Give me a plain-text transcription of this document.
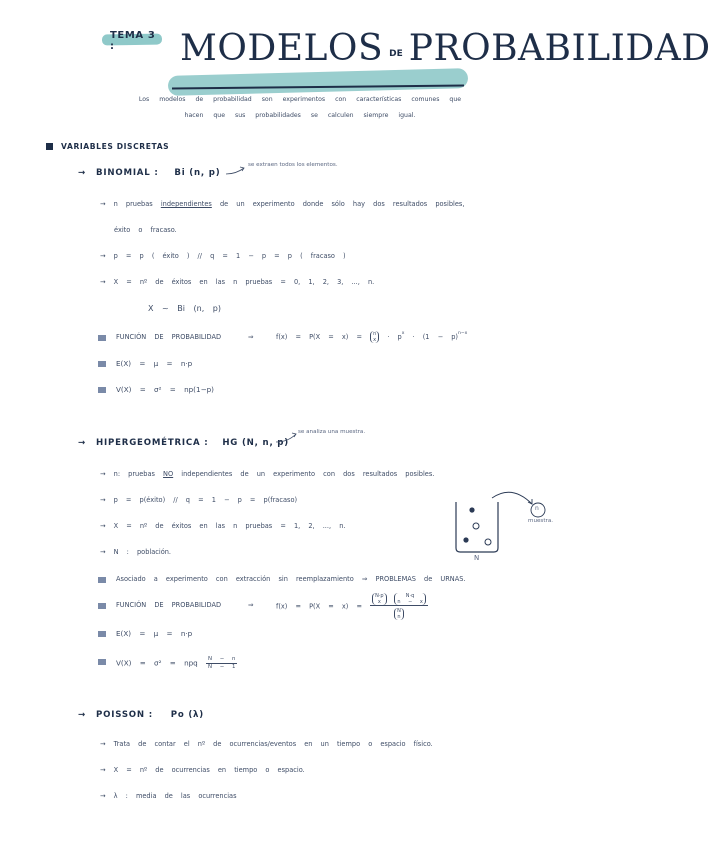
TEMA 3 :	MODELOS $^{DE}$ PROBABILIDAD
Los modelos de probabilidad son experimentos con características comunes que
hacen que sus probabilidades se calculen siempre igual.
VARIABLES DISCRETAS
→ BINOMIAL : Bi (n, p)
se extraen todos los elementos.
→ n pruebas independientes de un experimento donde sólo hay dos resultados posibles,
éxito o fracaso.
→ p = p ( éxito ) // q = 1 − p = p ( fracaso )
→ X = nº de éxitos en las n pruebas = 0, 1, 2, 3, ..., n.
X ~ Bi (n, p)
FUNCIÓN DE PROBABILIDAD	⇒	f(x) = P(X = x) = n
$x \cdot p^x \cdot (1 - p)^{n-x}$
E(X) = μ = n·p
V(X) = σ² = np(1−p)
→ HIPERGEOMÉTRICA : HG (N, n, p)
se analiza una muestra.
→ n: pruebas NO independientes de un experimento con dos resultados posibles.
→ p = p(éxito) // q = 1 − p = p(fracaso)
→ X = nº de éxitos en las n pruebas = 1, 2, ..., n.
→ N : población.
n
muestra.
N
Asociado a experimento con extracción sin reemplazamiento ⇒ PROBLEMAS de URNAS.
FUNCIÓN DE PROBABILIDAD	⇒	f(x) = P(X = x) =
N·p
x N·q
n − x
N
n
E(X) = μ = n·p
V(X) = σ² = npq $\frac{N - n}{N - 1}$
→ POISSON : Po (λ)
→ Trata de contar el nº de ocurrencias/eventos en un tiempo o espacio físico.
→ X = nº de ocurrencias en tiempo o espacio.
→ λ : media de las ocurrencias
